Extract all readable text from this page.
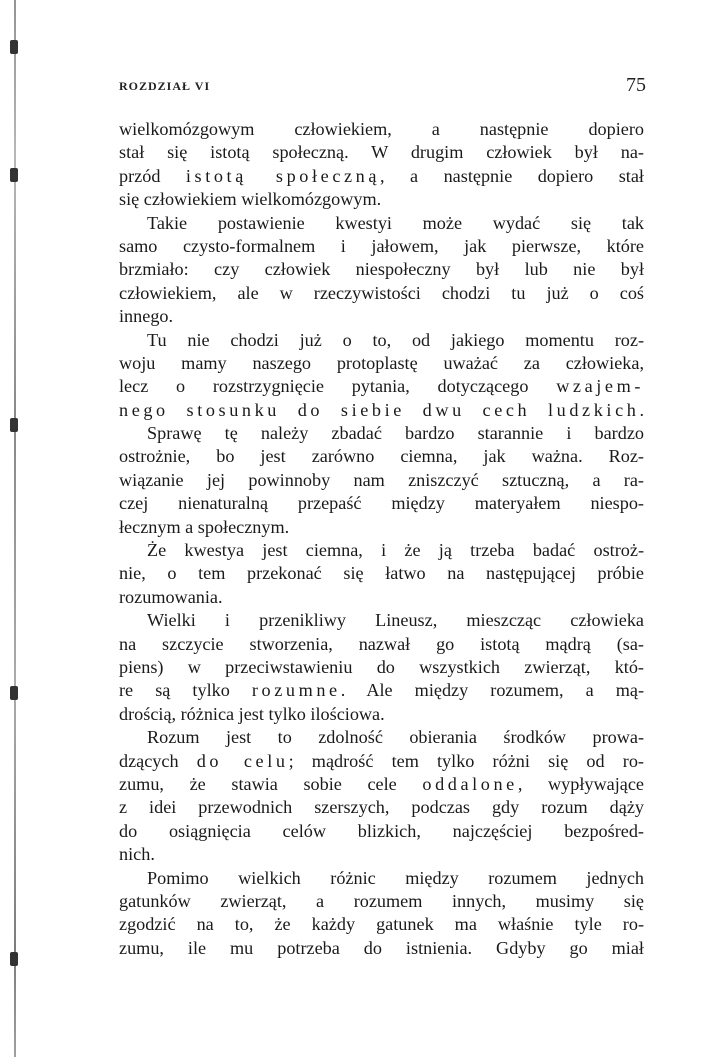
ROZDZIAŁ VI	75
wielkomózgowym człowiekiem, a następnie dopiero
stał się istotą społeczną. W drugim człowiek był na-
przód istotą społeczną, a następnie dopiero stał
się człowiekiem wielkomózgowym.
Takie postawienie kwestyi może wydać się tak
samo czysto-formalnem i jałowem, jak pierwsze, które
brzmiało: czy człowiek niespołeczny był lub nie był
człowiekiem, ale w rzeczywistości chodzi tu już o coś
innego.
Tu nie chodzi już o to, od jakiego momentu roz-
woju mamy naszego protoplastę uważać za człowieka,
lecz o rozstrzygnięcie pytania, dotyczącego wzajem-
nego stosunku do siebie dwu cech ludzkich.
Sprawę tę należy zbadać bardzo starannie i bardzo
ostrożnie, bo jest zarówno ciemna, jak ważna. Roz-
wiązanie jej powinnoby nam zniszczyć sztuczną, a ra-
czej nienaturalną przepaść między materyałem niespo-
łecznym a społecznym.
Że kwestya jest ciemna, i że ją trzeba badać ostroż-
nie, o tem przekonać się łatwo na następującej próbie
rozumowania.
Wielki i przenikliwy Lineusz, mieszcząc człowieka
na szczycie stworzenia, nazwał go istotą mądrą (sa-
piens) w przeciwstawieniu do wszystkich zwierząt, któ-
re są tylko rozumne. Ale między rozumem, a mą-
drością, różnica jest tylko ilościowa.
Rozum jest to zdolność obierania środków prowa-
dzących do celu; mądrość tem tylko różni się od ro-
zumu, że stawia sobie cele oddalone, wypływające
z idei przewodnich szerszych, podczas gdy rozum dąży
do osiągnięcia celów blizkich, najczęściej bezpośred-
nich.
Pomimo wielkich różnic między rozumem jednych
gatunków zwierząt, a rozumem innych, musimy się
zgodzić na to, że każdy gatunek ma właśnie tyle ro-
zumu, ile mu potrzeba do istnienia. Gdyby go miał
